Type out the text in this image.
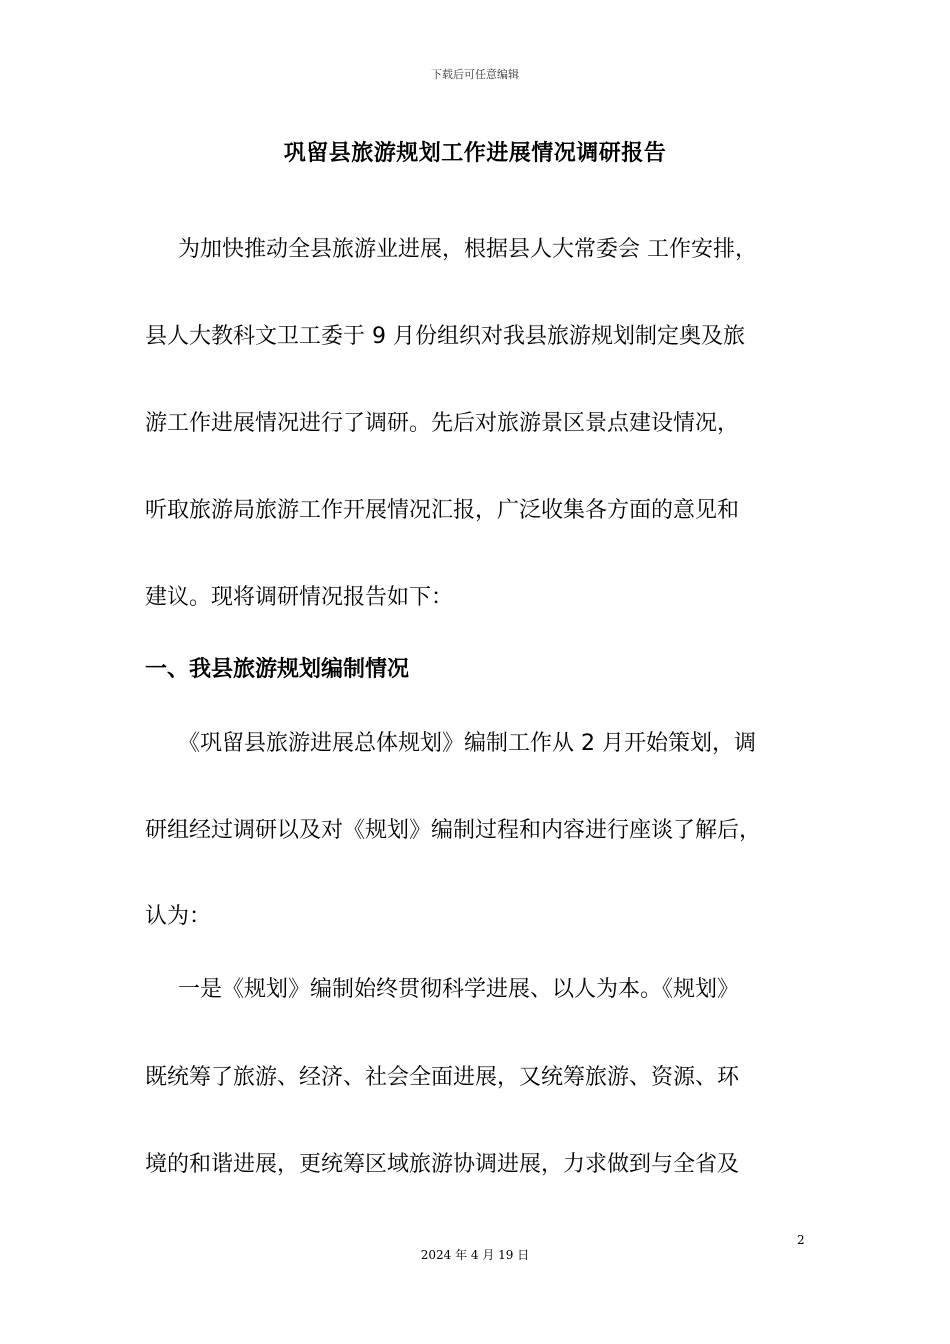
下载后可任意编辑
巩留县旅游规划工作进展情况调研报告
为加快推动全县旅游业进展，根据县人大常委会 工作安排，
县人大教科文卫工委于 9 月份组织对我县旅游规划制定奥及旅
游工作进展情况进行了调研。先后对旅游景区景点建设情况，
听取旅游局旅游工作开展情况汇报，广泛收集各方面的意见和
建议。现将调研情况报告如下：
一、我县旅游规划编制情况
《巩留县旅游进展总体规划》编制工作从 2 月开始策划，调
研组经过调研以及对《规划》编制过程和内容进行座谈了解后，
认为：
一是《规划》编制始终贯彻科学进展、以人为本。《规划》
既统筹了旅游、经济、社会全面进展，又统筹旅游、资源、环
境的和谐进展，更统筹区域旅游协调进展，力求做到与全省及
2
2024 年 4 月 19 日
